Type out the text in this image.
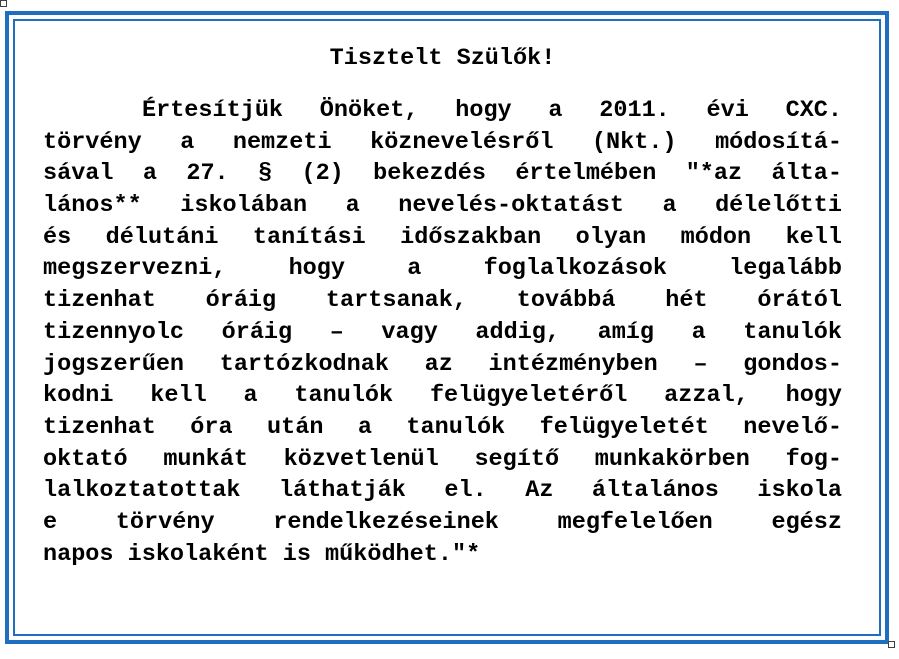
Tisztelt Szülők!
Értesítjük Önöket, hogy a 2011. évi CXC.
törvény a nemzeti köznevelésről (Nkt.) módosítá-
sával a 27. § (2) bekezdés értelmében "*az álta-
lános** iskolában a nevelés-oktatást a délelőtti
és délutáni tanítási időszakban olyan módon kell
megszervezni, hogy a foglalkozások legalább
tizenhat óráig tartsanak, továbbá hét órától
tizennyolc óráig – vagy addig, amíg a tanulók
jogszerűen tartózkodnak az intézményben – gondos-
kodni kell a tanulók felügyeletéről azzal, hogy
tizenhat óra után a tanulók felügyeletét nevelő-
oktató munkát közvetlenül segítő munkakörben fog-
lalkoztatottak láthatják el. Az általános iskola
e törvény rendelkezéseinek megfelelően egész
napos iskolaként is működhet."*
